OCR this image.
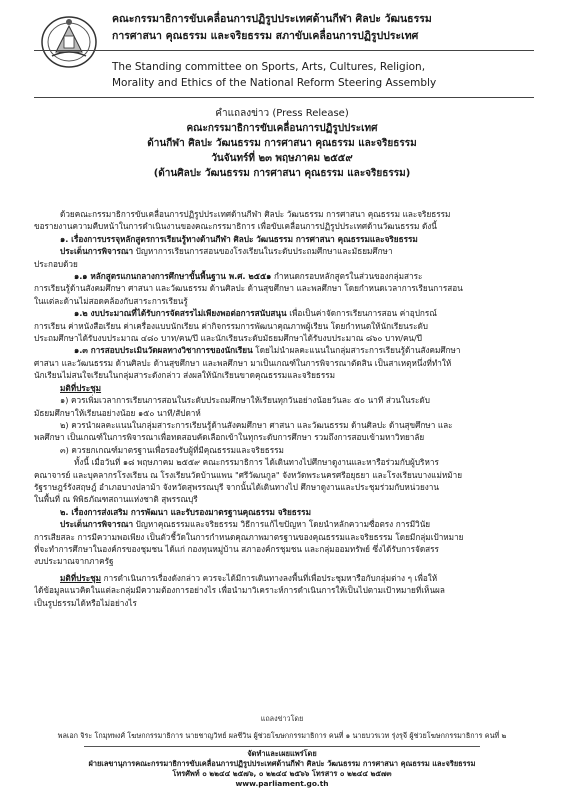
คณะกรรมาธิการขับเคลื่อนการปฏิรูปประเทศด้านกีฬา ศิลปะ วัฒนธรรม
การศาสนา คุณธรรม และจริยธรรม สภาขับเคลื่อนการปฏิรูปประเทศ
The Standing committee on Sports, Arts, Cultures, Religion,
Morality and Ethics of the National Reform Steering Assembly
คำแถลงข่าว (Press Release)
คณะกรรมาธิการขับเคลื่อนการปฏิรูปประเทศ
ด้านกีฬา ศิลปะ วัฒนธรรม การศาสนา คุณธรรม และจริยธรรม
วันจันทร์ที่ ๒๓ พฤษภาคม ๒๕๕๙
(ด้านศิลปะ วัฒนธรรม การศาสนา คุณธรรม และจริยธรรม)

ด้วยคณะกรรมาธิการขับเคลื่อนการปฏิรูปประเทศด้านกีฬา ศิลปะ วัฒนธรรม การศาสนา คุณธรรม และจริยธรรม

ขอรายงานความคืบหน้าในการดำเนินงานของคณะกรรมาธิการ เพื่อขับเคลื่อนการปฏิรูปประเทศด้านวัฒนธรรม ดังนี้

๑. เรื่องการบรรจุหลักสูตรการเรียนรู้ทางด้านกีฬา ศิลปะ วัฒนธรรม การศาสนา คุณธรรมและจริยธรรม

ประเด็นการพิจารณา ปัญหาการเรียนการสอนของโรงเรียนในระดับประถมศึกษาและมัธยมศึกษา

ประกอบด้วย

๑.๑ หลักสูตรแกนกลางการศึกษาขั้นพื้นฐาน พ.ศ. ๒๕๕๑ กำหนดกรอบหลักสูตรในส่วนของกลุ่มสาระ

การเรียนรู้ด้านสังคมศึกษา ศาสนา และวัฒนธรรม ด้านศิลปะ ด้านสุขศึกษา และพลศึกษา โดยกำหนดเวลาการเรียนการสอน

ในแต่ละด้านไม่สอดคล้องกับสาระการเรียนรู้

๑.๒ งบประมาณที่ได้รับการจัดสรรไม่เพียงพอต่อการสนับสนุน เพื่อเป็นค่าจัดการเรียนการสอน ค่าอุปกรณ์

การเรียน ค่าหนังสือเรียน ค่าเครื่องแบบนักเรียน ค่ากิจกรรมการพัฒนาคุณภาพผู้เรียน โดยกำหนดให้นักเรียนระดับ

ประถมศึกษาได้รับงบประมาณ ๔๘๐ บาท/คน/ปี และนักเรียนระดับมัธยมศึกษาได้รับงบประมาณ ๘๖๐ บาท/คน/ปี

๑.๓ การสอบประเมินวัดผลทางวิชาการของนักเรียน โดยไม่นำผลคะแนนในกลุ่มสาระการเรียนรู้ด้านสังคมศึกษา

ศาสนา และวัฒนธรรม ด้านศิลปะ ด้านสุขศึกษา และพลศึกษา มาเป็นเกณฑ์ในการพิจารณาตัดสิน เป็นสาเหตุหนึ่งที่ทำให้

นักเรียนไม่สนใจเรียนในกลุ่มสาระดังกล่าว ส่งผลให้นักเรียนขาดคุณธรรมและจริยธรรม

มติที่ประชุม

๑) ควรเพิ่มเวลาการเรียนการสอนในระดับประถมศึกษาให้เรียนทุกวันอย่างน้อยวันละ ๕๐ นาที ส่วนในระดับ

มัธยมศึกษาให้เรียนอย่างน้อย ๑๕๐ นาที/สัปดาห์

๒) ควรนำผลคะแนนในกลุ่มสาระการเรียนรู้ด้านสังคมศึกษา ศาสนา และวัฒนธรรม ด้านศิลปะ ด้านสุขศึกษา และ

พลศึกษา เป็นเกณฑ์ในการพิจารณาเพื่อทดสอบคัดเลือกเข้าในทุกระดับการศึกษา รวมถึงการสอบเข้ามหาวิทยาลัย

๓) ควรยกเกณฑ์มาตรฐานเพื่อรองรับผู้ที่มีคุณธรรมและจริยธรรม

ทั้งนี้ เมื่อวันที่ ๑๘ พฤษภาคม ๒๕๕๙ คณะกรรมาธิการ ได้เดินทางไปศึกษาดูงานและหารือร่วมกับผู้บริหาร

คณาจารย์ และบุคลากรโรงเรียน ณ โรงเรียนวัดบ้านแพน "ศรีวัฒนกูล" จังหวัดพระนครศรีอยุธยา และโรงเรียนบางแม่หม้าย

รัฐราษฎร์รังสฤษฎ์ อำเภอบางปลาม้า จังหวัดสุพรรณบุรี จากนั้นได้เดินทางไป ศึกษาดูงานและประชุมร่วมกับหน่วยงาน

ในพื้นที่ ณ พิพิธภัณฑสถานแห่งชาติ สุพรรณบุรี

๒. เรื่องการส่งเสริม การพัฒนา และรับรองมาตรฐานคุณธรรม จริยธรรม

ประเด็นการพิจารณา ปัญหาคุณธรรมและจริยธรรม วิธีการแก้ไขปัญหา โดยนำหลักความซื่อตรง การมีวินัย

การเสียสละ การมีความพอเพียง เป็นตัวชี้วัดในการกำหนดคุณภาพมาตรฐานของคุณธรรมและจริยธรรม โดยมีกลุ่มเป้าหมาย

ที่จะทำการศึกษาในองค์กรของชุมชน ได้แก่ กองทุนหมู่บ้าน สภาองค์กรชุมชน และกลุ่มออมทรัพย์ ซึ่งได้รับการจัดสรร

งบประมาณจากภาครัฐ

มติที่ประชุม การดำเนินการเรื่องดังกล่าว ควรจะได้มีการเดินทางลงพื้นที่เพื่อประชุมหารือกับกลุ่มต่าง ๆ เพื่อให้

ได้ข้อมูลแนวคิดในแต่ละกลุ่มมีความต้องการอย่างไร เพื่อนำมาวิเคราะห์การดำเนินการให้เป็นไปตามเป้าหมายที่เห็นผล

เป็นรูปธรรมได้หรือไม่อย่างไร

แถลงข่าวโดย
พลเอก จิระ โกมุทพงศ์ โฆษกกรรมาธิการ นายชาญวิทย์ ผลชีวิน ผู้ช่วยโฆษกกรรมาธิการ คนที่ ๑ นายบวรเวท รุ่งรุจี ผู้ช่วยโฆษกกรรมาธิการ คนที่ ๒
จัดทำและเผยแพร่โดย
ฝ่ายเลขานุการคณะกรรมาธิการขับเคลื่อนการปฏิรูปประเทศด้านกีฬา ศิลปะ วัฒนธรรม การศาสนา คุณธรรม และจริยธรรม
โทรศัพท์ ๐ ๒๒๔๔ ๒๕๗๖, ๐ ๒๒๔๔ ๒๕๖๖ โทรสาร ๐ ๒๒๔๔ ๒๕๗๓
www.parliament.go.th
